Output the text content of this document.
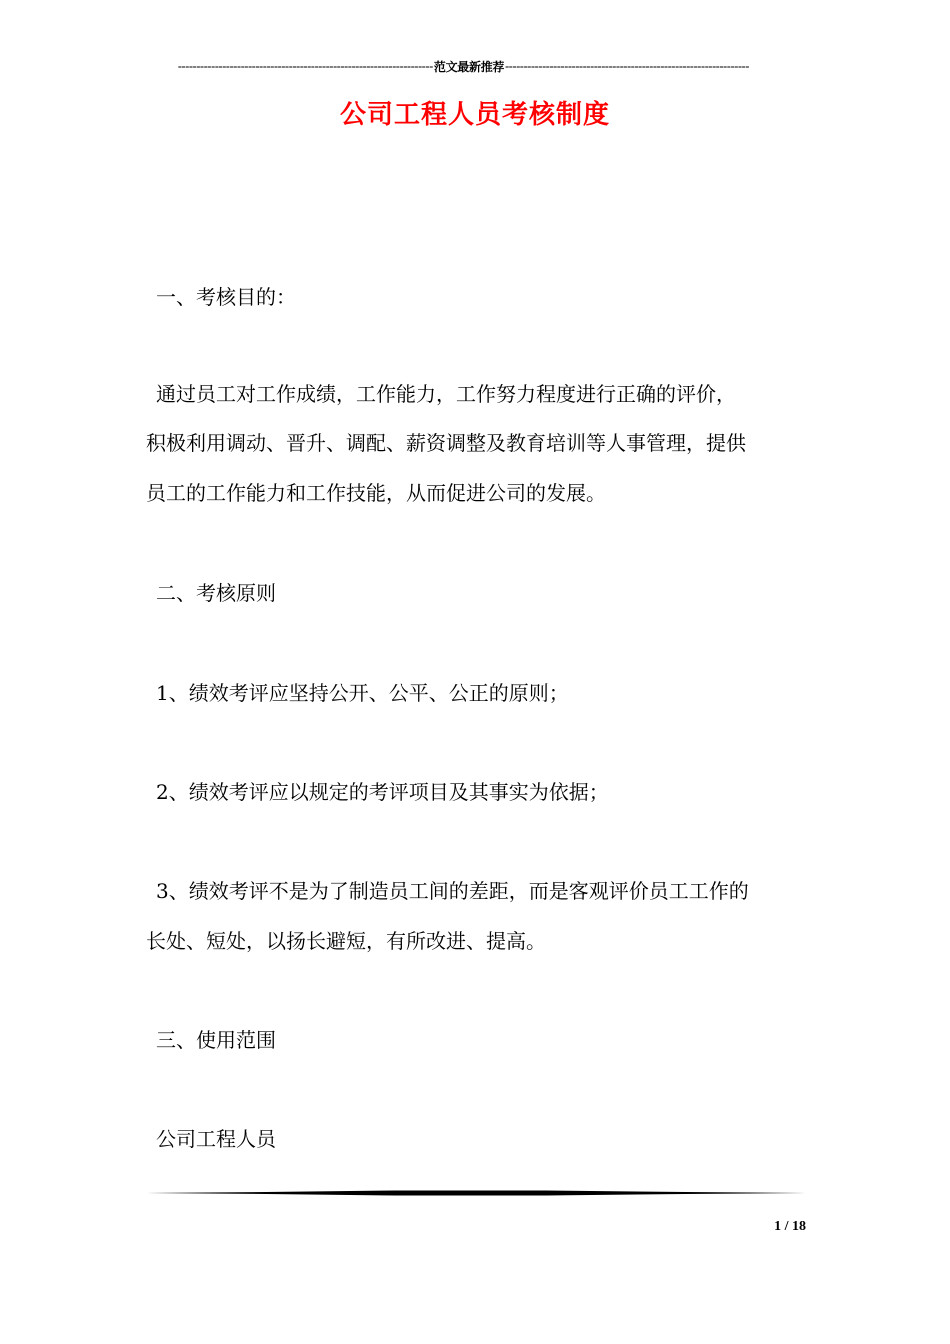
--------------------------------------------------------------------- 范文最新推荐 ------------------------------------------------------------------
公司工程人员考核制度
一、考核目的：
通过员工对工作成绩，工作能力，工作努力程度进行正确的评价，
积极利用调动、晋升、调配、薪资调整及教育培训等人事管理，提供
员工的工作能力和工作技能，从而促进公司的发展。
二、考核原则
1、绩效考评应坚持公开、公平、公正的原则；
2、绩效考评应以规定的考评项目及其事实为依据；
3、绩效考评不是为了制造员工间的差距，而是客观评价员工工作的
长处、短处，以扬长避短，有所改进、提高。
三、使用范围
公司工程人员
1 / 18
